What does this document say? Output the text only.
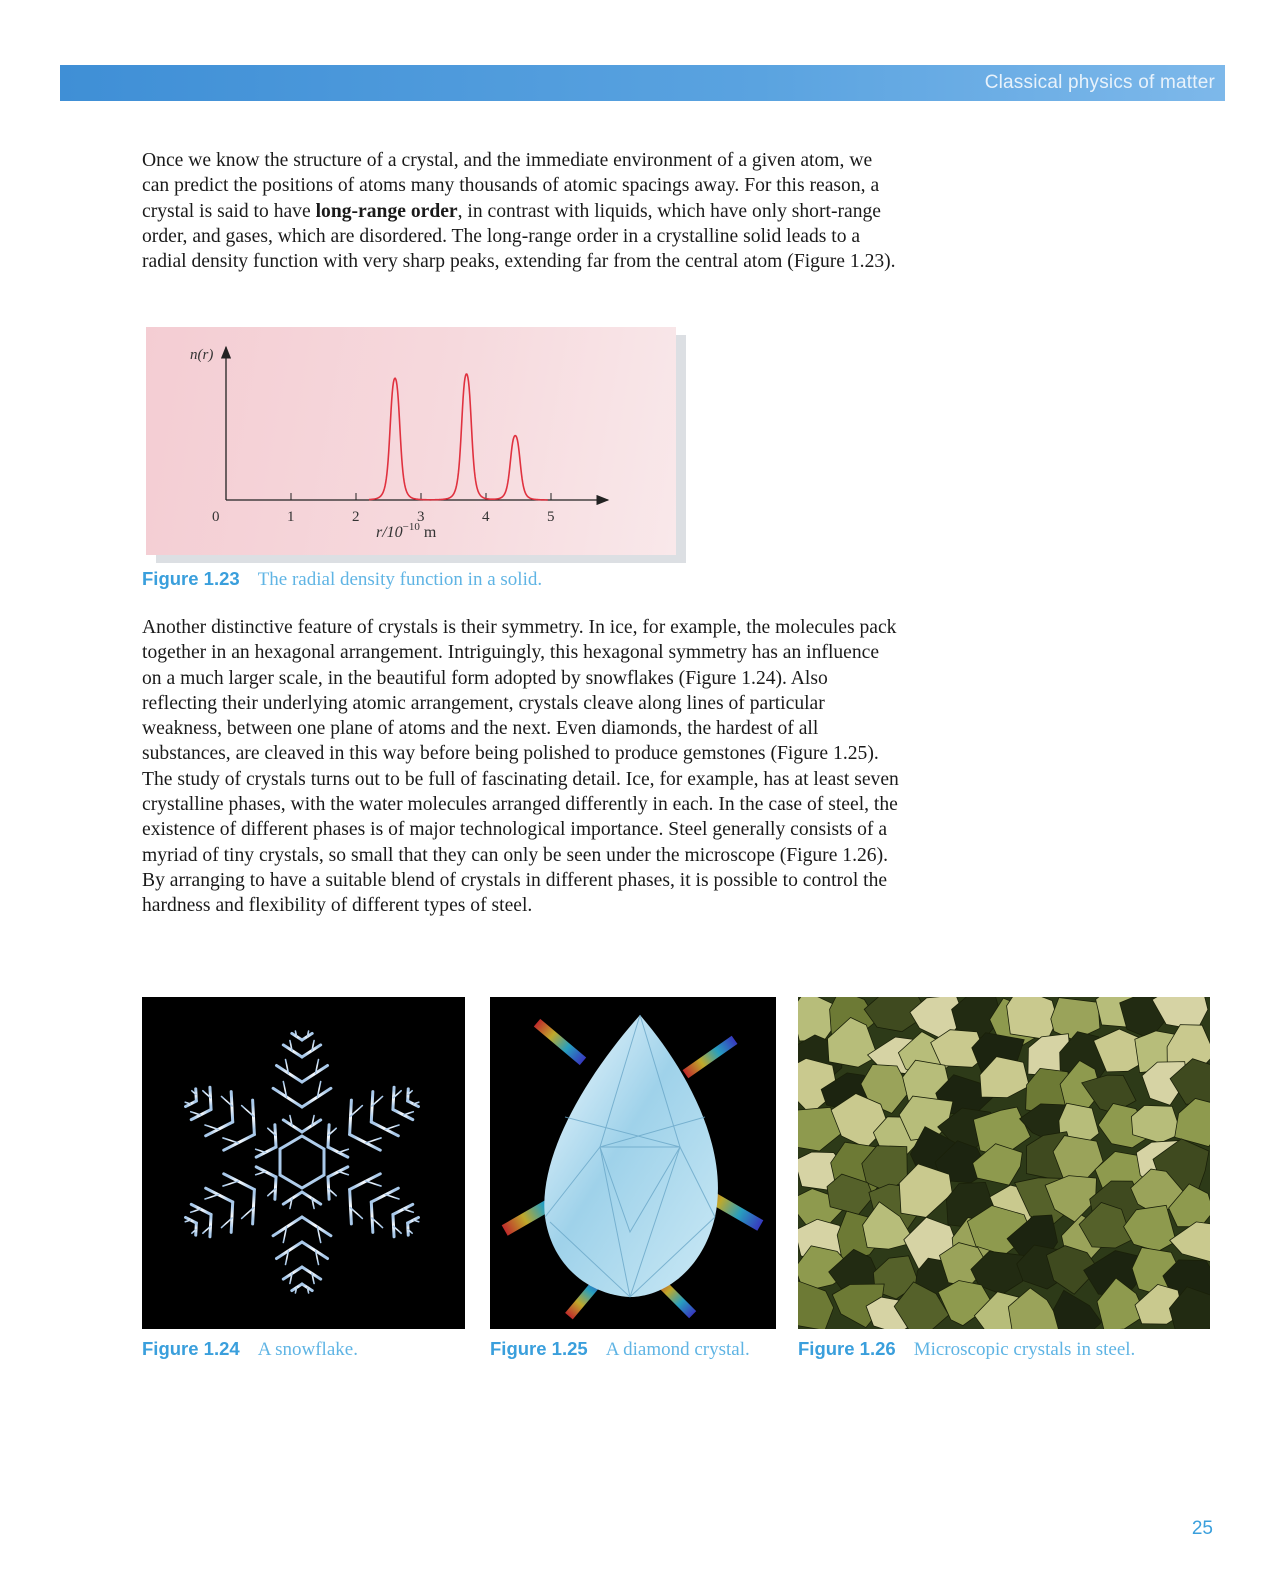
Classical physics of matter

Once we know the structure of a crystal, and the immediate environment of a given atom, we can predict the positions of atoms many thousands of atomic spacings away. For this reason, a crystal is said to have long-range order, in contrast with liquids, which have only short-range order, and gases, which are disordered. The long-range order in a crystalline solid leads to a radial density function with very sharp peaks, extending far from the central atom (Figure 1.23).

n(r)
0	1	2	3	4	5
$r/10^{-10}$ m
Figure 1.23 The radial density function in a solid.

Another distinctive feature of crystals is their symmetry. In ice, for example, the molecules pack together in an hexagonal arrangement. Intriguingly, this hexagonal symmetry has an influence on a much larger scale, in the beautiful form adopted by snowflakes (Figure 1.24). Also reflecting their underlying atomic arrangement, crystals cleave along lines of particular weakness, between one plane of atoms and the next. Even diamonds, the hardest of all substances, are cleaved in this way before being polished to produce gemstones (Figure 1.25). The study of crystals turns out to be full of fascinating detail. Ice, for example, has at least seven crystalline phases, with the water molecules arranged differently in each. In the case of steel, the existence of different phases is of major technological importance. Steel generally consists of a myriad of tiny crystals, so small that they can only be seen under the microscope (Figure 1.26). By arranging to have a suitable blend of crystals in different phases, it is possible to control the hardness and flexibility of different types of steel.

Figure 1.24 A snowflake.	Figure 1.25 A diamond crystal.	Figure 1.26 Microscopic crystals in steel.
25
